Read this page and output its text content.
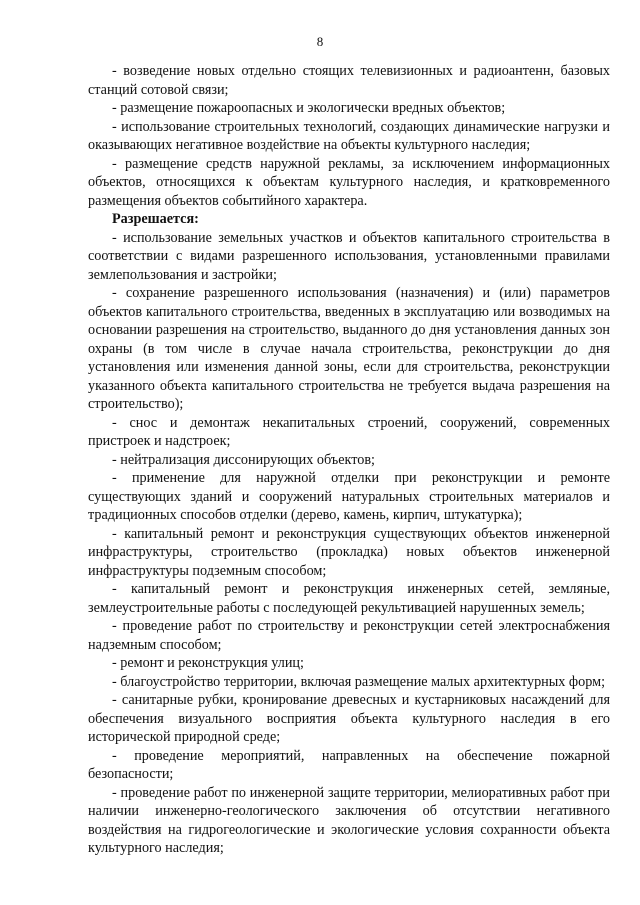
8

- возведение новых отдельно стоящих телевизионных и радиоантенн, базовых станций сотовой связи;

- размещение пожароопасных и экологически вредных объектов;

- использование строительных технологий, создающих динамические нагрузки и оказывающих негативное воздействие на объекты культурного наследия;

- размещение средств наружной рекламы, за исключением информационных объектов, относящихся к объектам культурного наследия, и кратковременного размещения объектов событийного характера.

Разрешается:

- использование земельных участков и объектов капитального строительства в соответствии с видами разрешенного использования, установленными правилами землепользования и застройки;

- сохранение разрешенного использования (назначения) и (или) параметров объектов капитального строительства, введенных в эксплуатацию или возводимых на основании разрешения на строительство, выданного до дня установления данных зон охраны (в том числе в случае начала строительства, реконструкции до дня установления или изменения данной зоны, если для строительства, реконструкции указанного объекта капитального строительства не требуется выдача разрешения на строительство);

- снос и демонтаж некапитальных строений, сооружений, современных пристроек и надстроек;

- нейтрализация диссонирующих объектов;

- применение для наружной отделки при реконструкции и ремонте существующих зданий и сооружений натуральных строительных материалов и традиционных способов отделки (дерево, камень, кирпич, штукатурка);

- капитальный ремонт и реконструкция существующих объектов инженерной инфраструктуры, строительство (прокладка) новых объектов инженерной инфраструктуры подземным способом;

- капитальный ремонт и реконструкция инженерных сетей, земляные, землеустроительные работы с последующей рекультивацией нарушенных земель;

- проведение работ по строительству и реконструкции сетей электроснабжения надземным способом;

- ремонт и реконструкция улиц;

- благоустройство территории, включая размещение малых архитектурных форм;

- санитарные рубки, кронирование древесных и кустарниковых насаждений для обеспечения визуального восприятия объекта культурного наследия в его исторической природной среде;

- проведение мероприятий, направленных на обеспечение пожарной безопасности;

- проведение работ по инженерной защите территории, мелиоративных работ при наличии инженерно-геологического заключения об отсутствии негативного воздействия на гидрогеологические и экологические условия сохранности объекта культурного наследия;
